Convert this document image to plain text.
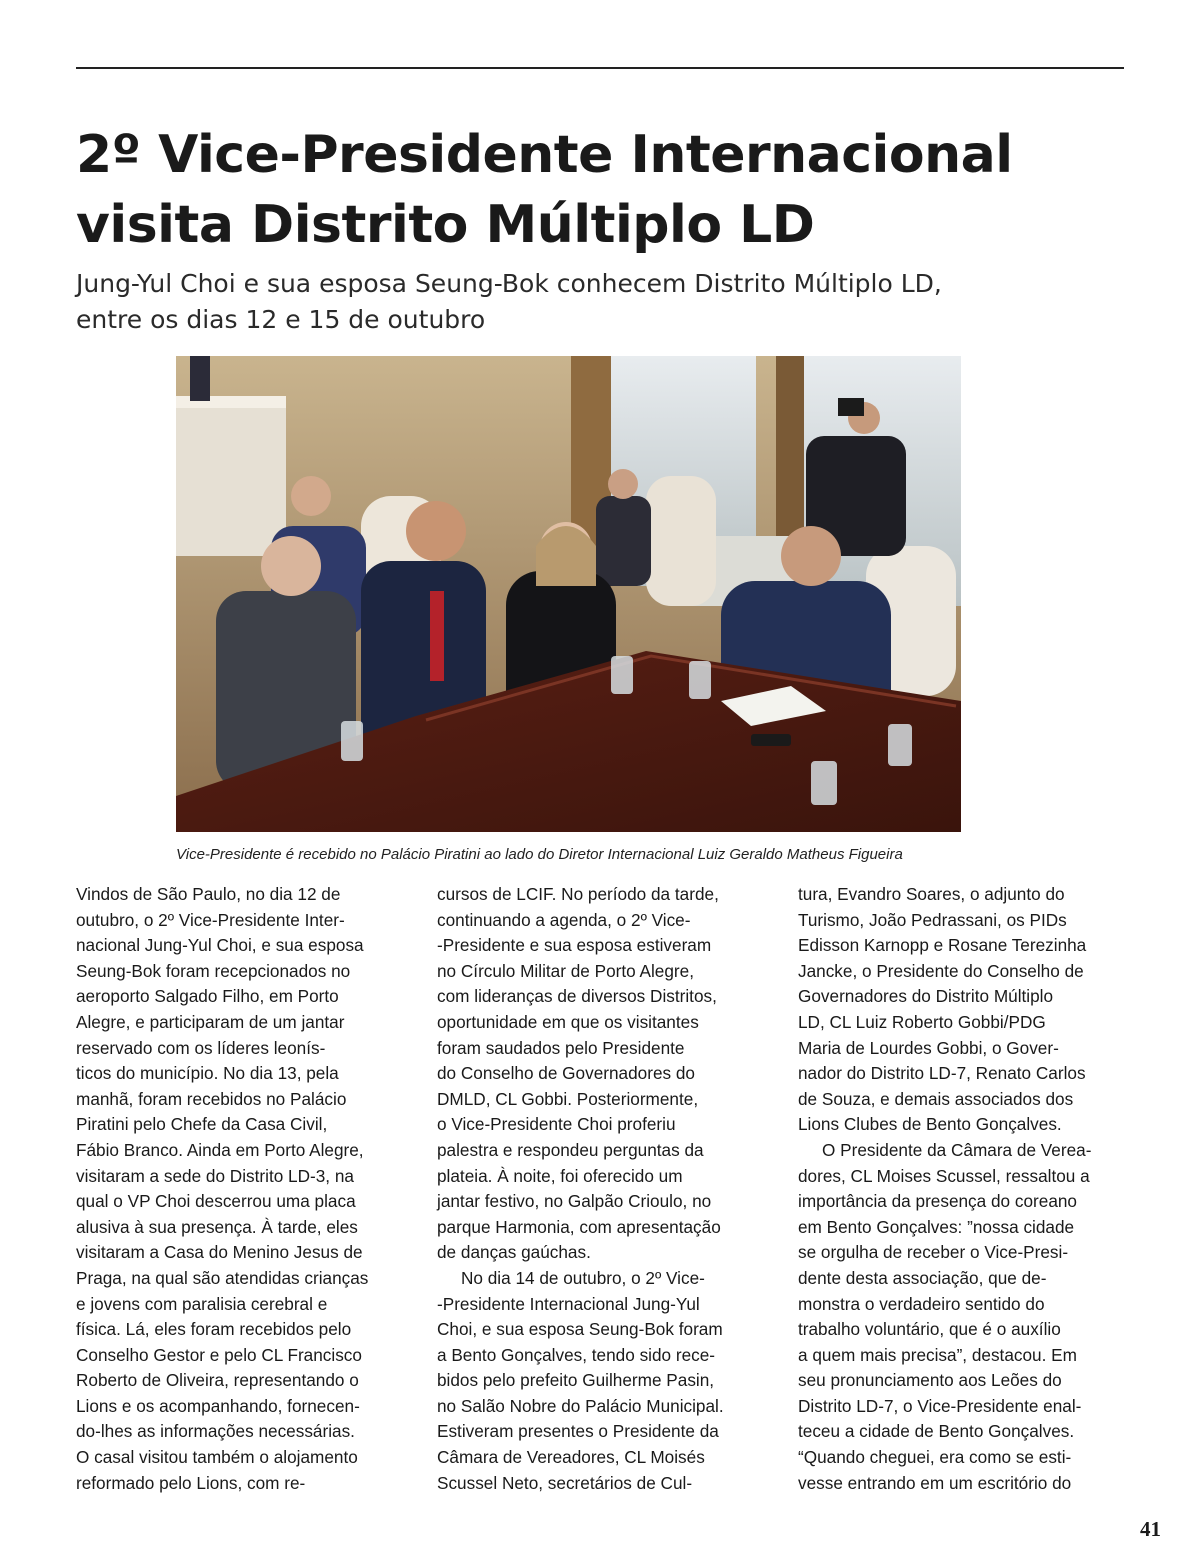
2º Vice-Presidente Internacional
visita Distrito Múltiplo LD
Jung-Yul Choi e sua esposa Seung-Bok conhecem Distrito Múltiplo LD,
entre os dias 12 e 15 de outubro
Vice-Presidente é recebido no Palácio Piratini ao lado do Diretor Internacional Luiz Geraldo Matheus Figueira
Vindos de São Paulo, no dia 12 de
outubro, o 2º Vice-Presidente Inter-
nacional Jung-Yul Choi, e sua esposa
Seung-Bok foram recepcionados no
aeroporto Salgado Filho, em Porto
Alegre, e participaram de um jantar
reservado com os líderes leonís-
ticos do município. No dia 13, pela
manhã, foram recebidos no Palácio
Piratini pelo Chefe da Casa Civil,
Fábio Branco. Ainda em Porto Alegre,
visitaram a sede do Distrito LD-3, na
qual o VP Choi descerrou uma placa
alusiva à sua presença. À tarde, eles
visitaram a Casa do Menino Jesus de
Praga, na qual são atendidas crianças
e jovens com paralisia cerebral e
física. Lá, eles foram recebidos pelo
Conselho Gestor e pelo CL Francisco
Roberto de Oliveira, representando o
Lions e os acompanhando, fornecen-
do-lhes as informações necessárias.
O casal visitou também o alojamento
reformado pelo Lions, com re-
cursos de LCIF. No período da tarde,
continuando a agenda, o 2º Vice-
-Presidente e sua esposa estiveram
no Círculo Militar de Porto Alegre,
com lideranças de diversos Distritos,
oportunidade em que os visitantes
foram saudados pelo Presidente
do Conselho de Governadores do
DMLD, CL Gobbi. Posteriormente,
o Vice-Presidente Choi proferiu
palestra e respondeu perguntas da
plateia. À noite, foi oferecido um
jantar festivo, no Galpão Crioulo, no
parque Harmonia, com apresentação
de danças gaúchas.
No dia 14 de outubro, o 2º Vice-
-Presidente Internacional Jung-Yul
Choi, e sua esposa Seung-Bok foram
a Bento Gonçalves, tendo sido rece-
bidos pelo prefeito Guilherme Pasin,
no Salão Nobre do Palácio Municipal.
Estiveram presentes o Presidente da
Câmara de Vereadores, CL Moisés
Scussel Neto, secretários de Cul-
tura, Evandro Soares, o adjunto do
Turismo, João Pedrassani, os PIDs
Edisson Karnopp e Rosane Terezinha
Jancke, o Presidente do Conselho de
Governadores do Distrito Múltiplo
LD, CL Luiz Roberto Gobbi/PDG
Maria de Lourdes Gobbi, o Gover-
nador do Distrito LD-7, Renato Carlos
de Souza, e demais associados dos
Lions Clubes de Bento Gonçalves.
O Presidente da Câmara de Verea-
dores, CL Moises Scussel, ressaltou a
importância da presença do coreano
em Bento Gonçalves: ”nossa cidade
se orgulha de receber o Vice-Presi-
dente desta associação, que de-
monstra o verdadeiro sentido do
trabalho voluntário, que é o auxílio
a quem mais precisa”, destacou. Em
seu pronunciamento aos Leões do
Distrito LD-7, o Vice-Presidente enal-
teceu a cidade de Bento Gonçalves.
“Quando cheguei, era como se esti-
vesse entrando em um escritório do
41
